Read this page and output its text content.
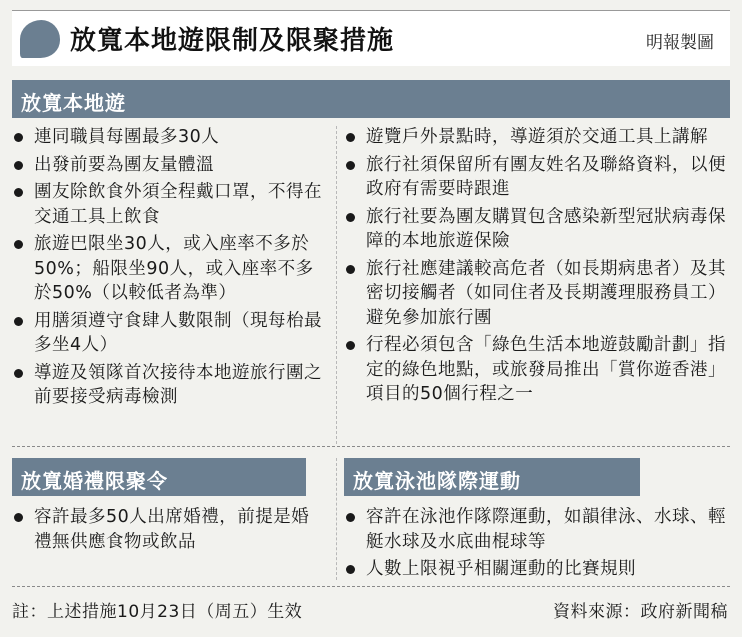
放寬本地遊限制及限聚措施	明報製圖
放寬本地遊
連同職員每團最多30人
出發前要為團友量體溫
團友除飲食外須全程戴口罩，不得在交通工具上飲食
旅遊巴限坐30人，或入座率不多於50%；船限坐90人，或入座率不多於50%（以較低者為準）
用膳須遵守食肆人數限制（現每枱最多坐4人）
導遊及領隊首次接待本地遊旅行團之前要接受病毒檢測
遊覽戶外景點時，導遊須於交通工具上講解
旅行社須保留所有團友姓名及聯絡資料，以便政府有需要時跟進
旅行社要為團友購買包含感染新型冠狀病毒保障的本地旅遊保險
旅行社應建議較高危者（如長期病患者）及其密切接觸者（如同住者及長期護理服務員工）避免參加旅行團
行程必須包含「綠色生活本地遊鼓勵計劃」指定的綠色地點，或旅發局推出「賞你遊香港」項目的50個行程之一
放寬婚禮限聚令
容許最多50人出席婚禮，前提是婚禮無供應食物或飲品
放寬泳池隊際運動
容許在泳池作隊際運動，如韻律泳、水球、輕艇水球及水底曲棍球等
人數上限視乎相關運動的比賽規則
註：上述措施10月23日（周五）生效	資料來源：政府新聞稿
